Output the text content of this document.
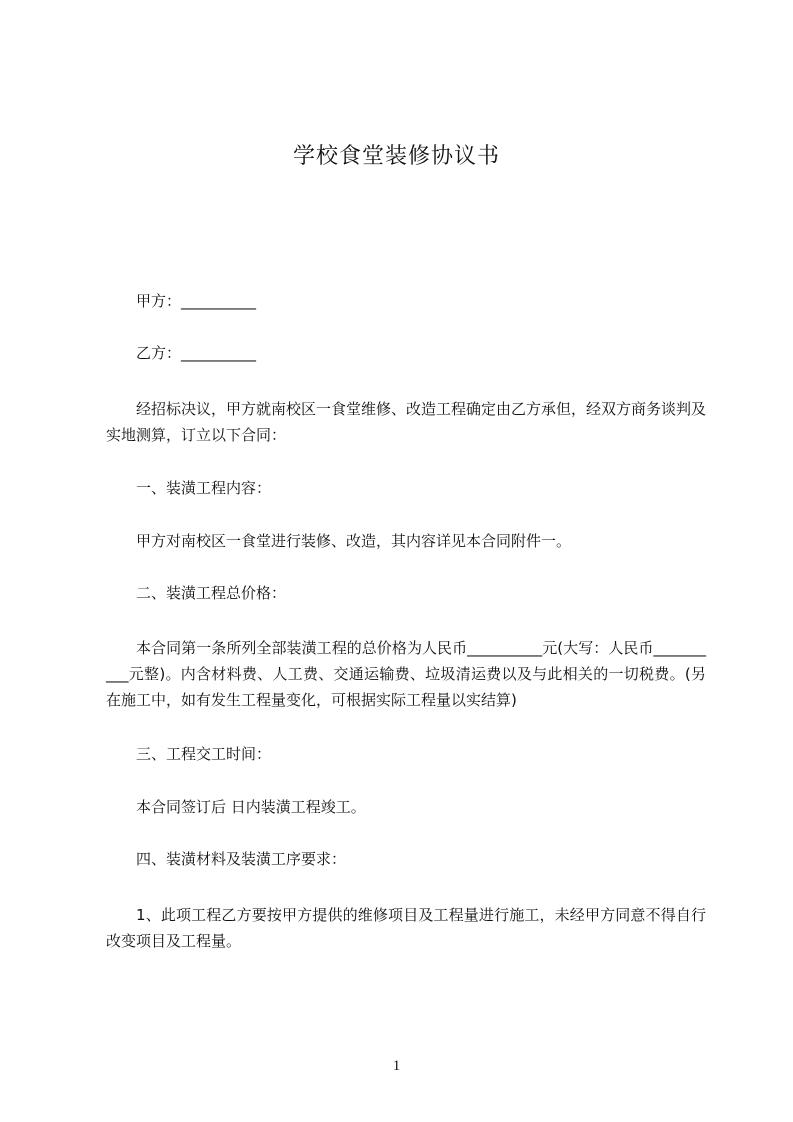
学校食堂装修协议书
甲方：__________
乙方：__________
经招标决议，甲方就南校区一食堂维修、改造工程确定由乙方承但，经双方商务谈判及实地测算，订立以下合同：
一、装潢工程内容：
甲方对南校区一食堂进行装修、改造，其内容详见本合同附件一。
二、装潢工程总价格：
本合同第一条所列全部装潢工程的总价格为人民币__________元(大写：人民币__________元整)。内含材料费、人工费、交通运输费、垃圾清运费以及与此相关的一切税费。(另在施工中，如有发生工程量变化，可根据实际工程量以实结算)
三、工程交工时间：
本合同签订后 日内装潢工程竣工。
四、装潢材料及装潢工序要求：
1、此项工程乙方要按甲方提供的维修项目及工程量进行施工，未经甲方同意不得自行改变项目及工程量。
1
